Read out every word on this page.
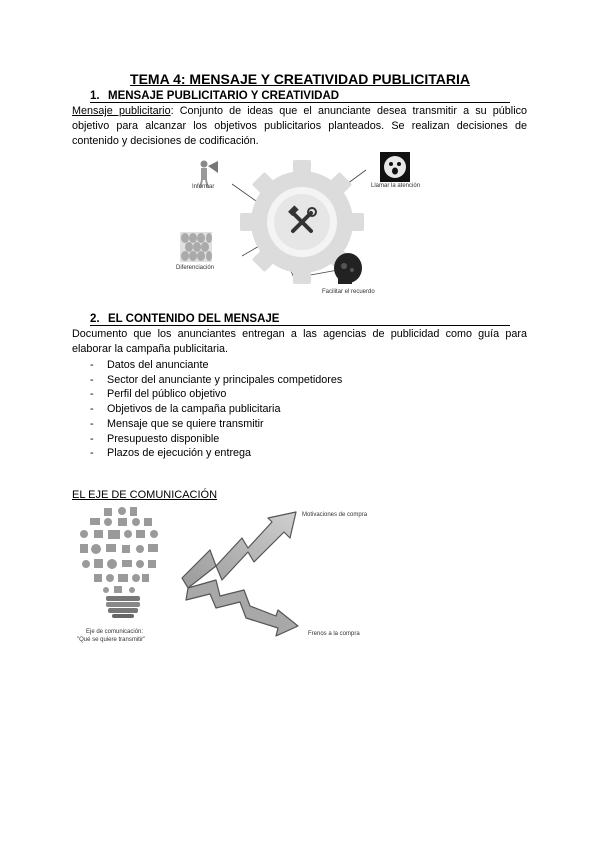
TEMA 4: MENSAJE Y CREATIVIDAD PUBLICITARIA
1. MENSAJE PUBLICITARIO Y CREATIVIDAD
Mensaje publicitario: Conjunto de ideas que el anunciante desea transmitir a su público objetivo para alcanzar los objetivos publicitarios planteados. Se realizan decisiones de contenido y decisiones de codificación.
Informar	Llamar la atención
Diferenciación
Facilitar el recuerdo
2. EL CONTENIDO DEL MENSAJE
Documento que los anunciantes entregan a las agencias de publicidad como guía para elaborar la campaña publicitaria.
- Datos del anunciante
- Sector del anunciante y principales competidores
- Perfil del público objetivo
- Objetivos de la campaña publicitaria
- Mensaje que se quiere transmitir
- Presupuesto disponible
- Plazos de ejecución y entrega
EL EJE DE COMUNICACIÓN
Eje de comunicación:
"Qué se quiere transmitir"
Motivaciones de compra
Frenos a la compra
